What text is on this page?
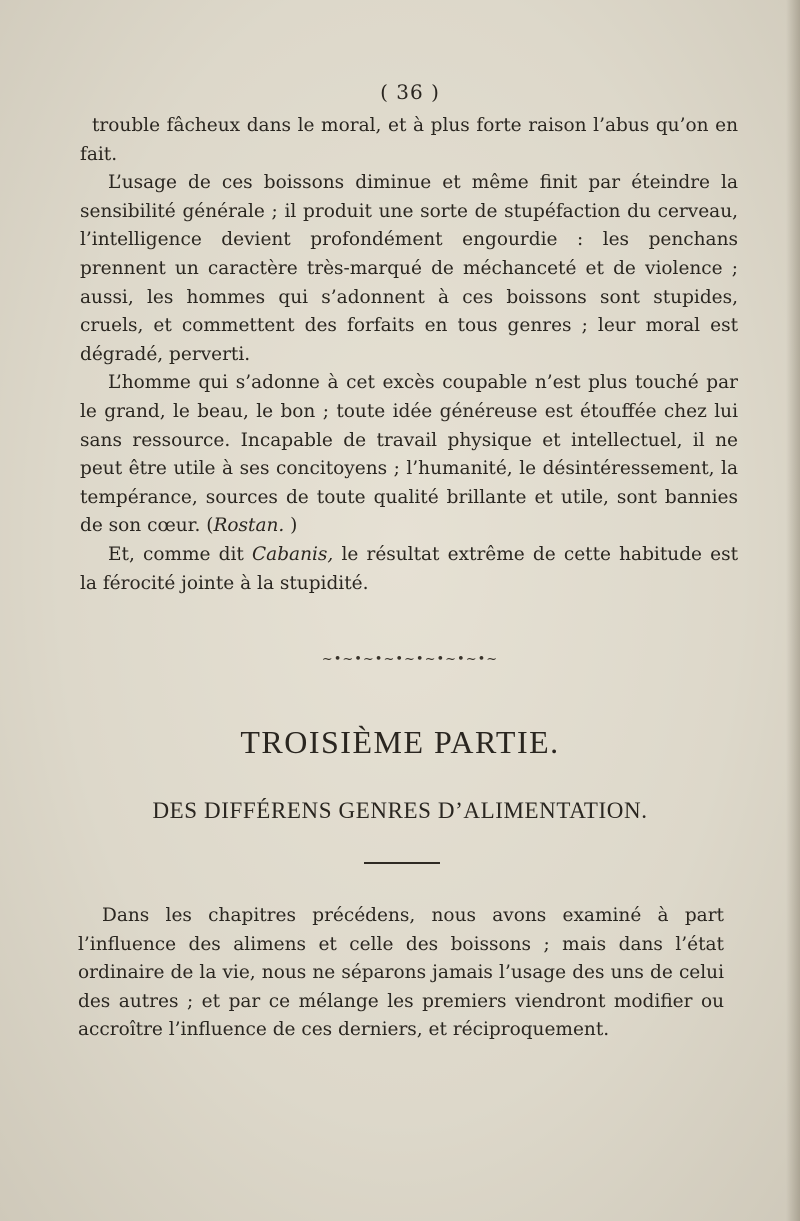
( 36 )

trouble fâcheux dans le moral, et à plus forte raison l’abus qu’on en fait.

L’usage de ces boissons diminue et même finit par éteindre la sensibilité générale ; il produit une sorte de stupéfaction du cerveau, l’intelligence devient profondément engourdie : les penchans prennent un caractère très-marqué de méchanceté et de violence ; aussi, les hommes qui s’adonnent à ces boissons sont stupides, cruels, et commettent des forfaits en tous genres ; leur moral est dégradé, perverti.

L’homme qui s’adonne à cet excès coupable n’est plus touché par le grand, le beau, le bon ; toute idée généreuse est étouffée chez lui sans ressource. Incapable de travail physique et intellectuel, il ne peut être utile à ses concitoyens ; l’humanité, le désintéressement, la tempérance, sources de toute qualité brillante et utile, sont bannies de son cœur. (Rostan. )

Et, comme dit Cabanis, le résultat extrême de cette habitude est la férocité jointe à la stupidité.

~•~•~•~•~•~•~•~•~
TROISIÈME PARTIE.
DES DIFFÉRENS GENRES D’ALIMENTATION.

Dans les chapitres précédens, nous avons examiné à part l’influence des alimens et celle des boissons ; mais dans l’état ordinaire de la vie, nous ne séparons jamais l’usage des uns de celui des autres ; et par ce mélange les premiers viendront modifier ou accroître l’influence de ces derniers, et réciproquement.
